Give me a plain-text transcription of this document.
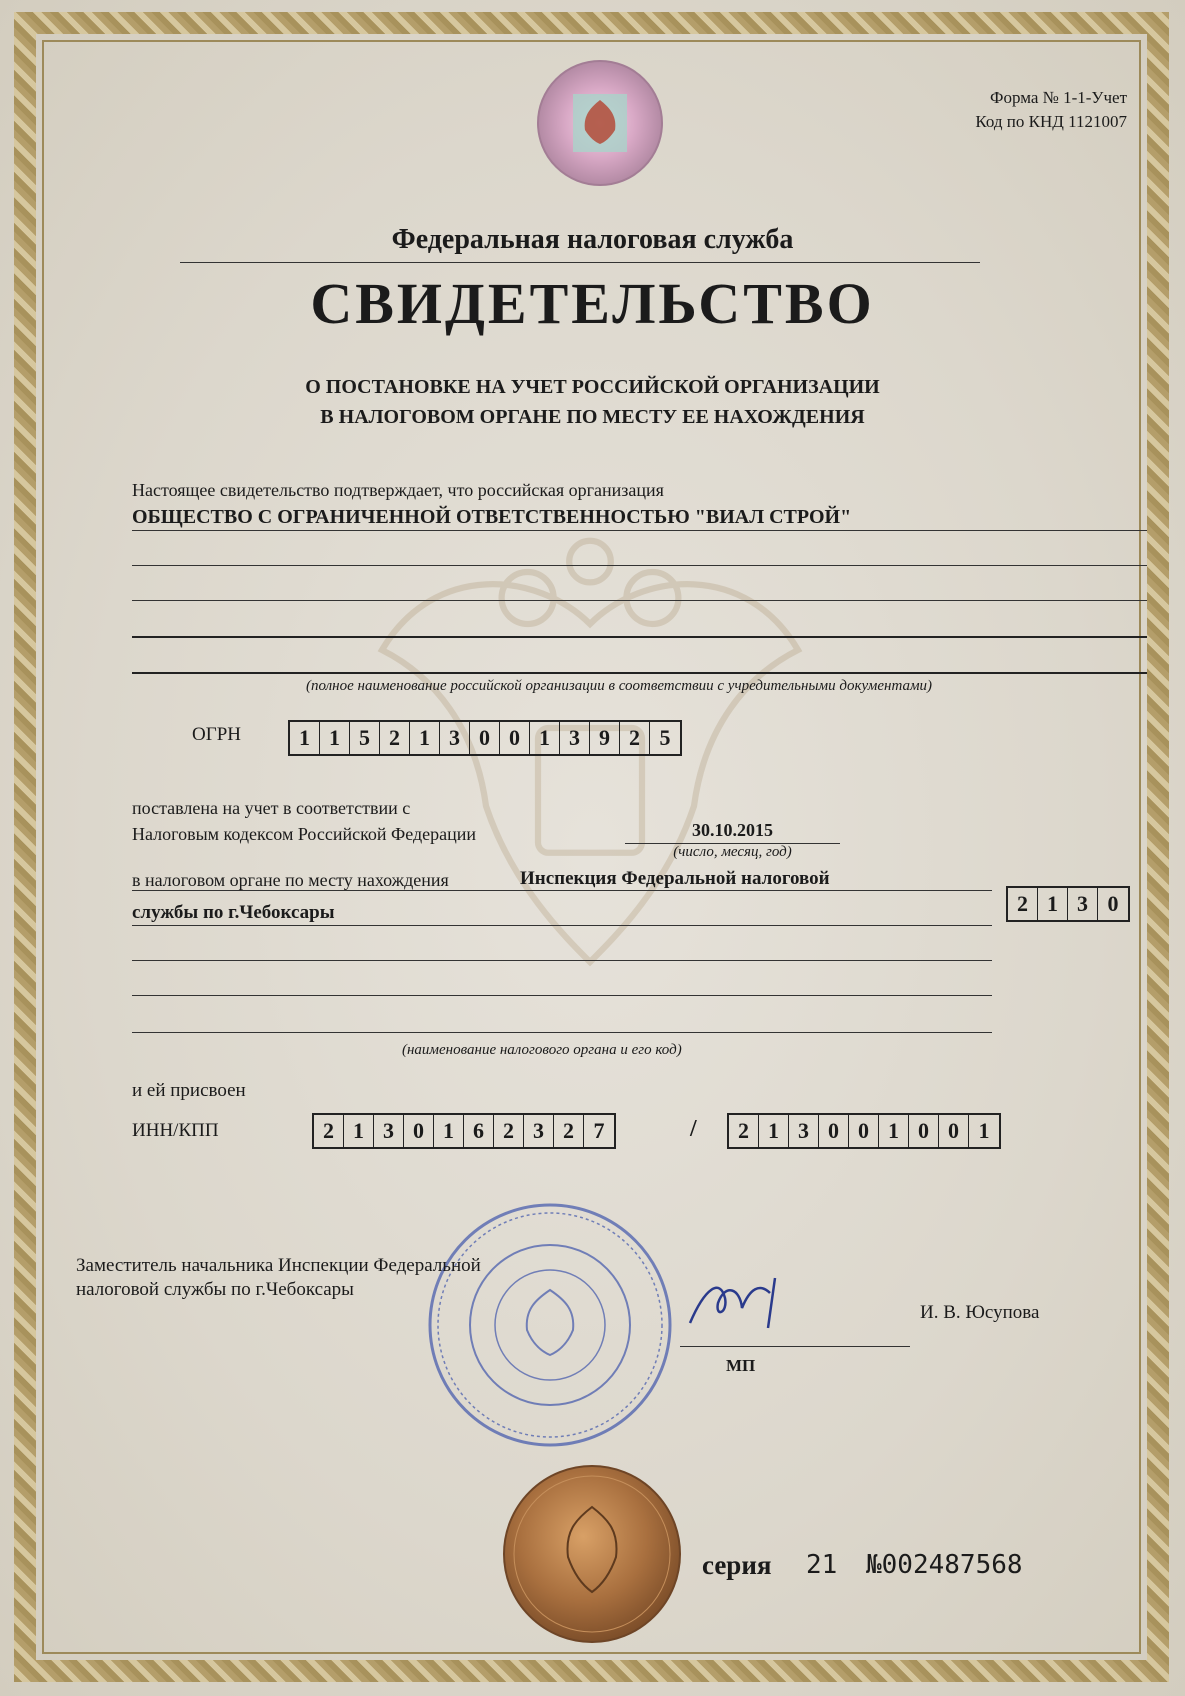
Форма № 1-1-Учет
Код по КНД 1121007
Федеральная налоговая служба
СВИДЕТЕЛЬСТВО
О ПОСТАНОВКЕ НА УЧЕТ РОССИЙСКОЙ ОРГАНИЗАЦИИ
В НАЛОГОВОМ ОРГАНЕ ПО МЕСТУ ЕЕ НАХОЖДЕНИЯ
Настоящее свидетельство подтверждает, что российская организация
ОБЩЕСТВО С ОГРАНИЧЕННОЙ ОТВЕТСТВЕННОСТЬЮ "ВИАЛ СТРОЙ"
(полное наименование российской организации в соответствии с учредительными документами)
ОГРН	1 1 5 2 1 3 0 0 1 3 9 2 5
поставлена на учет в соответствии с
Налоговым кодексом Российской Федерации	30.10.2015
(число, месяц, год)
в налоговом органе по месту нахождения	Инспекция Федеральной налоговой
2 1 3 0
службы по г.Чебоксары
(наименование налогового органа и его код)
и ей присвоен
ИНН/КПП	2 1 3 0 1 6 2 3 2 7	/	2 1 3 0 0 1 0 0 1
Заместитель начальника Инспекции Федеральной
налоговой службы по г.Чебоксары
И. В. Юсупова
МП
серия 21 №002487568
